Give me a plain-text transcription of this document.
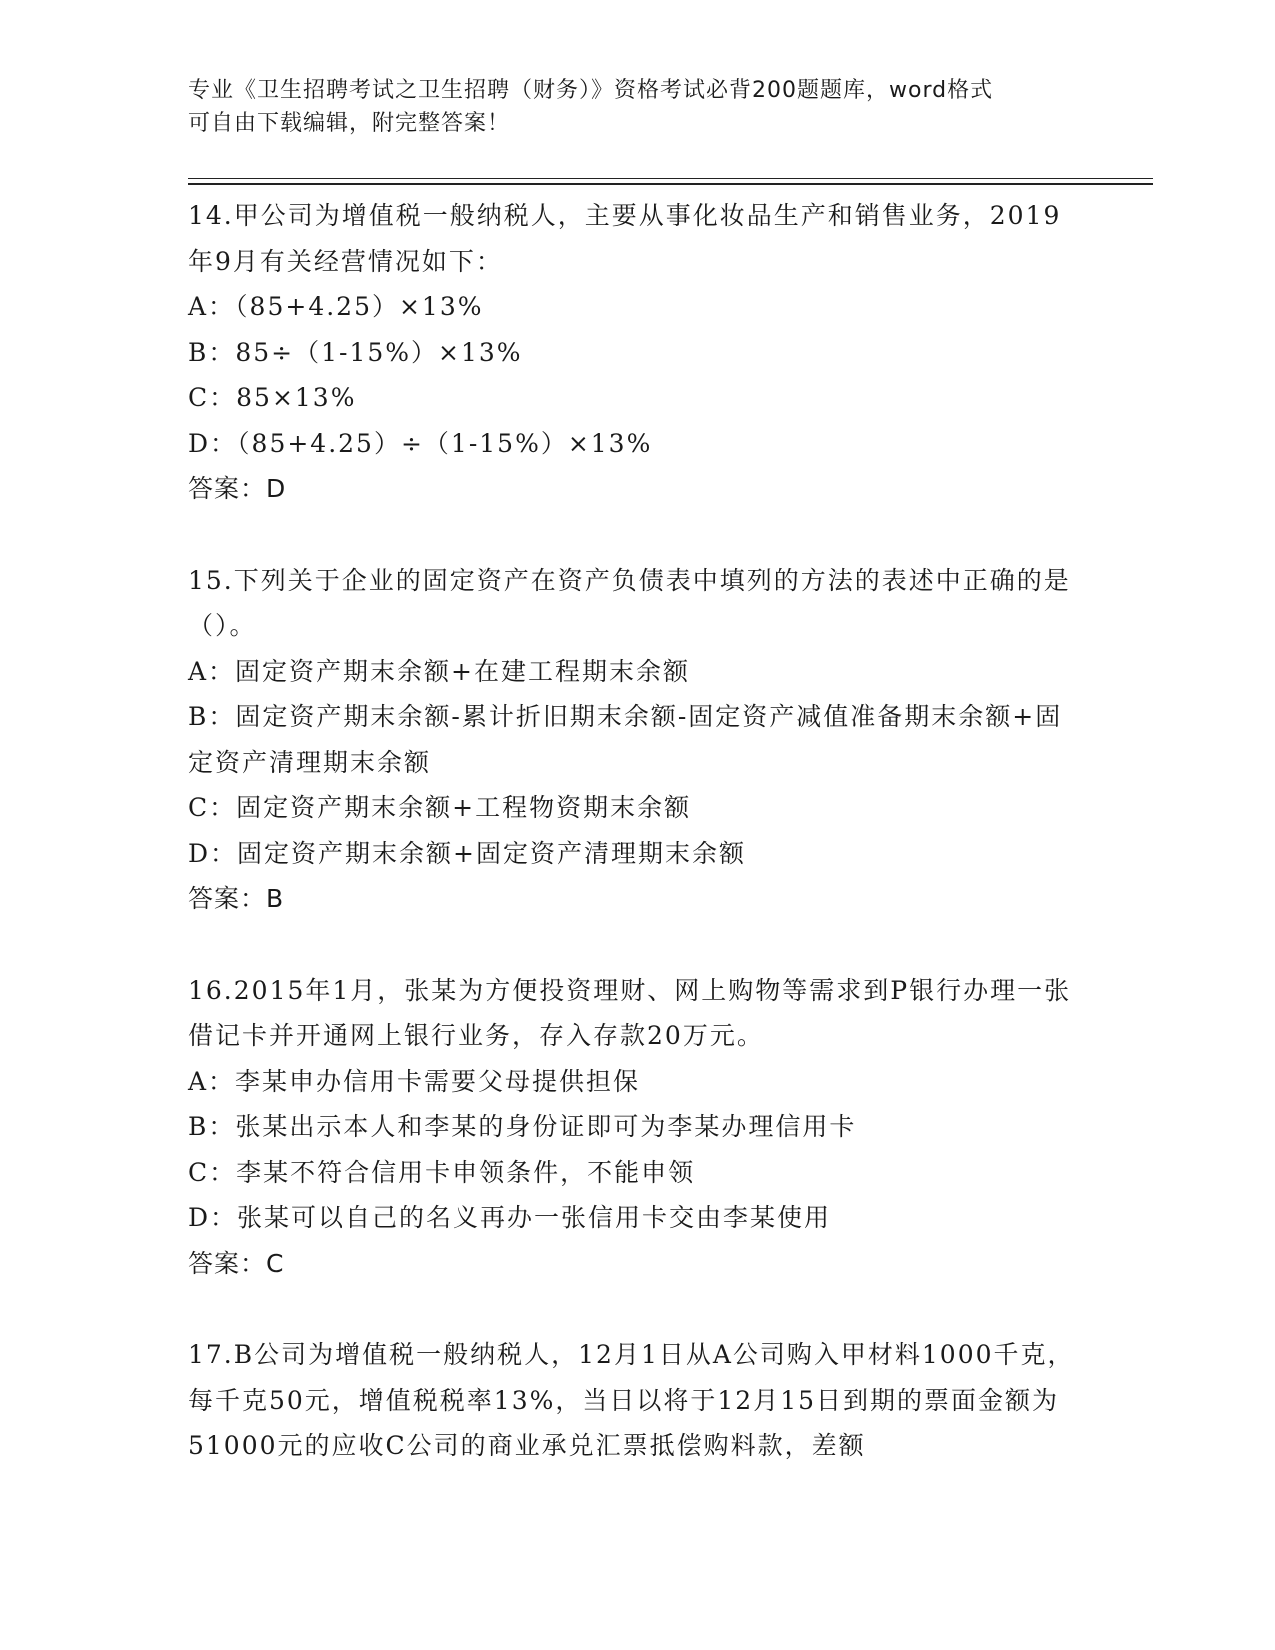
专业《卫生招聘考试之卫生招聘（财务）》资格考试必背200题题库，word格式
可自由下载编辑，附完整答案！

14.甲公司为增值税一般纳税人，主要从事化妆品生产和销售业务，2019年9月有关经营情况如下：

A：（85+4.25）×13%

B：85÷（1-15%）×13%

C：85×13%

D：（85+4.25）÷（1-15%）×13%

答案：D

15.下列关于企业的固定资产在资产负债表中填列的方法的表述中正确的是（）。

A：固定资产期末余额+在建工程期末余额

B：固定资产期末余额-累计折旧期末余额-固定资产减值准备期末余额+固定资产清理期末余额

C：固定资产期末余额+工程物资期末余额

D：固定资产期末余额+固定资产清理期末余额

答案：B

16.2015年1月，张某为方便投资理财、网上购物等需求到P银行办理一张借记卡并开通网上银行业务，存入存款20万元。

A：李某申办信用卡需要父母提供担保

B：张某出示本人和李某的身份证即可为李某办理信用卡

C：李某不符合信用卡申领条件，不能申领

D：张某可以自己的名义再办一张信用卡交由李某使用

答案：C

17.B公司为增值税一般纳税人，12月1日从A公司购入甲材料1000千克，每千克50元，增值税税率13%，当日以将于12月15日到期的票面金额为51000元的应收C公司的商业承兑汇票抵偿购料款，差额
